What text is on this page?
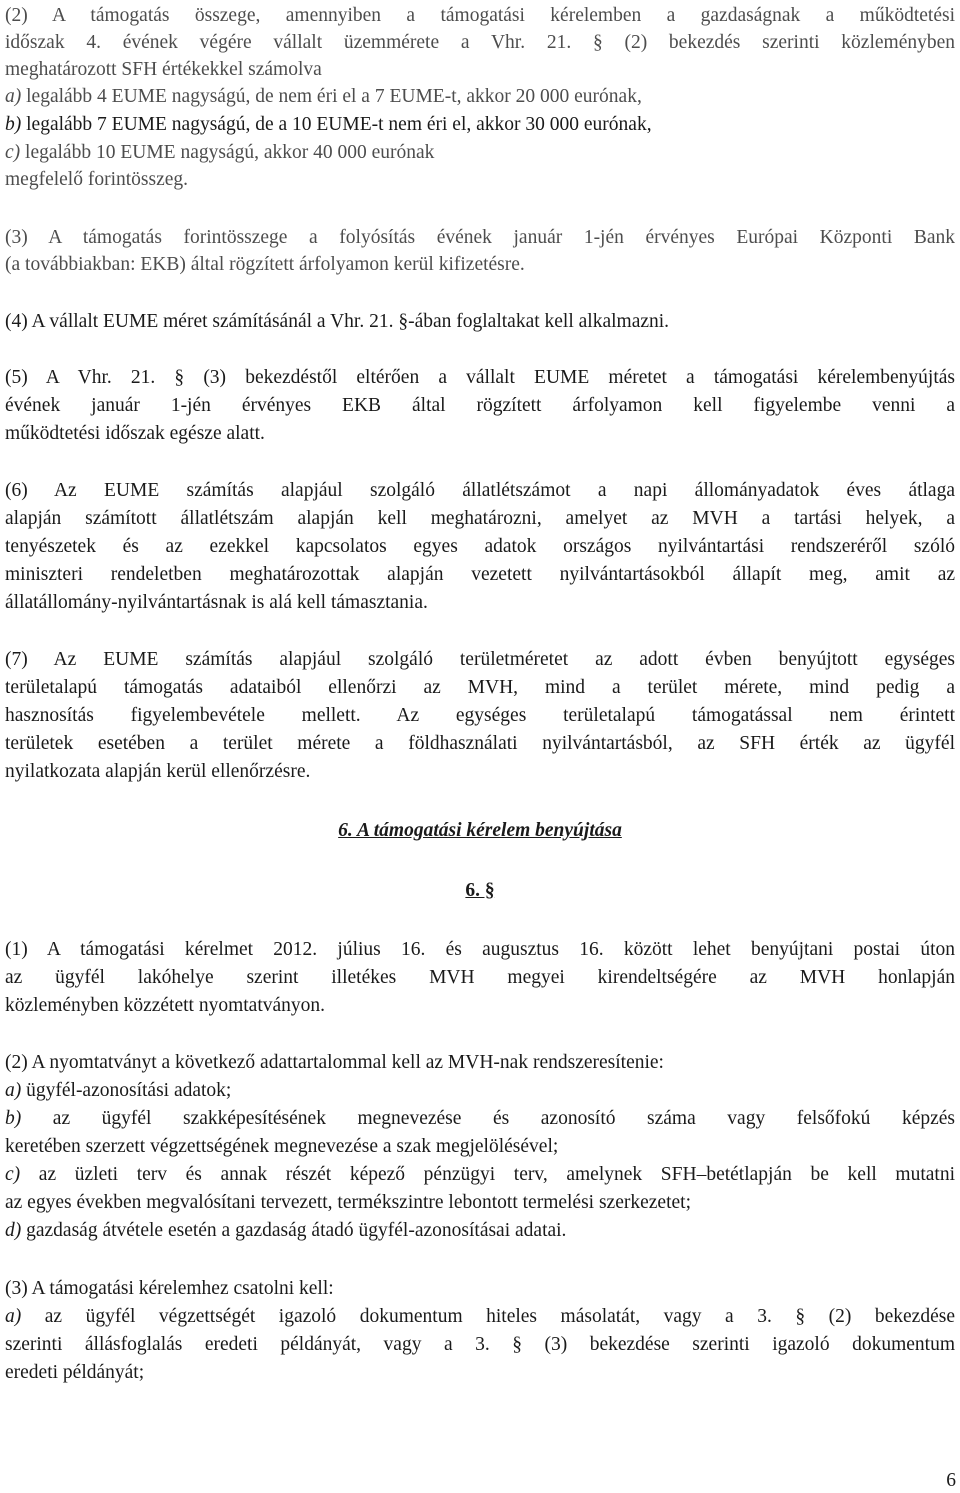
6. A támogatási kérelem benyújtása
6. §
(2) A támogatás összege, amennyiben a támogatási kérelemben a gazdaságnak a működtetési
időszak 4. évének végére vállalt üzemmérete a Vhr. 21. § (2) bekezdés szerinti közleményben
meghatározott SFH értékekkel számolva
a) legalább 4 EUME nagyságú, de nem éri el a 7 EUME-t, akkor 20 000 eurónak,
b) legalább 7 EUME nagyságú, de a 10 EUME-t nem éri el, akkor 30 000 eurónak,
c) legalább 10 EUME nagyságú, akkor 40 000 eurónak
megfelelő forintösszeg.
(3) A támogatás forintösszege a folyósítás évének január 1-jén érvényes Európai Központi Bank
(a továbbiakban: EKB) által rögzített árfolyamon kerül kifizetésre.
(4) A vállalt EUME méret számításánál a Vhr. 21. §-ában foglaltakat kell alkalmazni.
(5) A Vhr. 21. § (3) bekezdéstől eltérően a vállalt EUME méretet a támogatási kérelembenyújtás
évének január 1-jén érvényes EKB által rögzített árfolyamon kell figyelembe venni a
működtetési időszak egésze alatt.
(6) Az EUME számítás alapjául szolgáló állatlétszámot a napi állományadatok éves átlaga
alapján számított állatlétszám alapján kell meghatározni, amelyet az MVH a tartási helyek, a
tenyészetek és az ezekkel kapcsolatos egyes adatok országos nyilvántartási rendszeréről szóló
miniszteri rendeletben meghatározottak alapján vezetett nyilvántartásokból állapít meg, amit az
állatállomány-nyilvántartásnak is alá kell támasztania.
(7) Az EUME számítás alapjául szolgáló területméretet az adott évben benyújtott egységes
területalapú támogatás adataiból ellenőrzi az MVH, mind a terület mérete, mind pedig a
hasznosítás figyelembevétele mellett. Az egységes területalapú támogatással nem érintett
területek esetében a terület mérete a földhasználati nyilvántartásból, az SFH érték az ügyfél
nyilatkozata alapján kerül ellenőrzésre.
(1) A támogatási kérelmet 2012. július 16. és augusztus 16. között lehet benyújtani postai úton
az ügyfél lakóhelye szerint illetékes MVH megyei kirendeltségére az MVH honlapján
közleményben közzétett nyomtatványon.
(2) A nyomtatványt a következő adattartalommal kell az MVH-nak rendszeresítenie:
a) ügyfél-azonosítási adatok;
b) az ügyfél szakképesítésének megnevezése és azonosító száma vagy felsőfokú képzés
keretében szerzett végzettségének megnevezése a szak megjelölésével;
c) az üzleti terv és annak részét képező pénzügyi terv, amelynek SFH–betétlapján be kell mutatni
az egyes években megvalósítani tervezett, termékszintre lebontott termelési szerkezetet;
d) gazdaság átvétele esetén a gazdaság átadó ügyfél-azonosításai adatai.
(3) A támogatási kérelemhez csatolni kell:
a) az ügyfél végzettségét igazoló dokumentum hiteles másolatát, vagy a 3. § (2) bekezdése
szerinti állásfoglalás eredeti példányát, vagy a 3. § (3) bekezdése szerinti igazoló dokumentum
eredeti példányát;
6
